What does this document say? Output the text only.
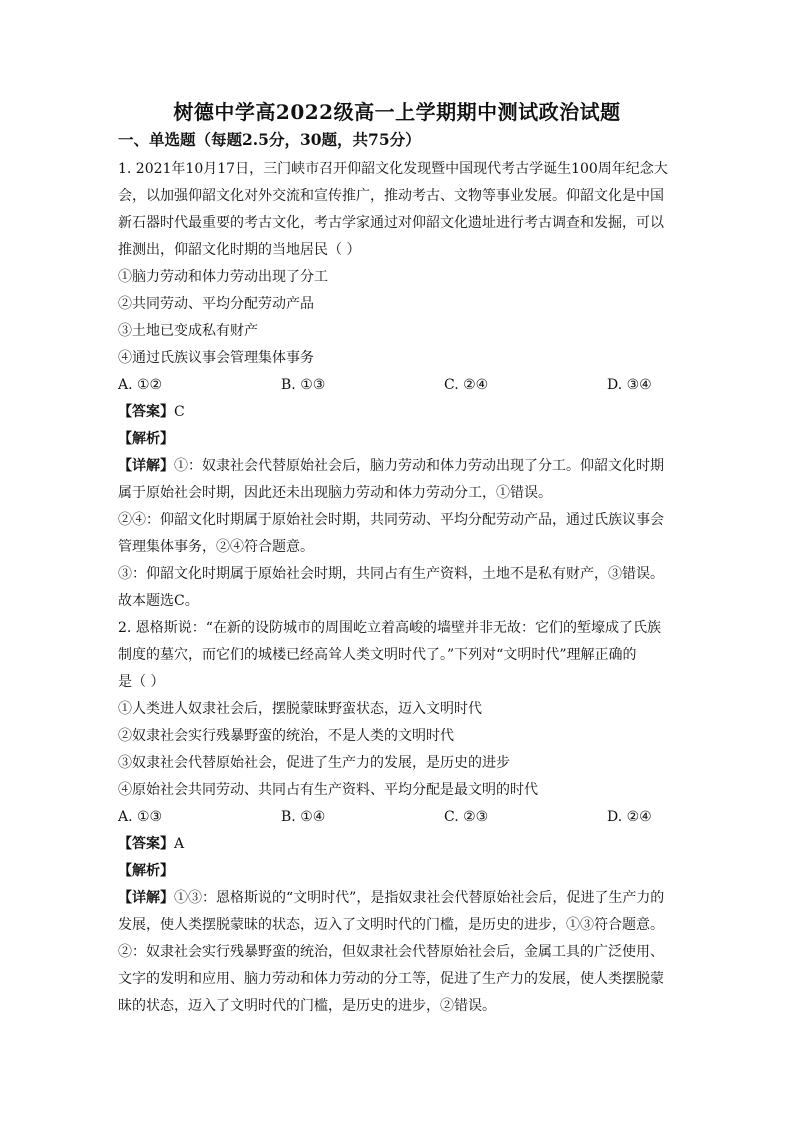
树德中学高2022级高一上学期期中测试政治试题
一、单选题（每题2.5分，30题，共75分）
1. 2021年10月17日，三门峡市召开仰韶文化发现暨中国现代考古学诞生100周年纪念大
会，以加强仰韶文化对外交流和宣传推广，推动考古、文物等事业发展。仰韶文化是中国
新石器时代最重要的考古文化，考古学家通过对仰韶文化遗址进行考古调查和发掘，可以
推测出，仰韶文化时期的当地居民（ ）
①脑力劳动和体力劳动出现了分工
②共同劳动、平均分配劳动产品
③土地已变成私有财产
④通过氏族议事会管理集体事务
A. ①②	B. ①③	C. ②④	D. ③④
【答案】C
【解析】
【详解】①：奴隶社会代替原始社会后，脑力劳动和体力劳动出现了分工。仰韶文化时期
属于原始社会时期，因此还未出现脑力劳动和体力劳动分工，①错误。
②④：仰韶文化时期属于原始社会时期，共同劳动、平均分配劳动产品，通过氏族议事会
管理集体事务，②④符合题意。
③：仰韶文化时期属于原始社会时期，共同占有生产资料，土地不是私有财产，③错误。
故本题选C。
2. 恩格斯说：“在新的设防城市的周围屹立着高峻的墙壁并非无故：它们的堑壕成了氏族
制度的墓穴，而它们的城楼已经高耸人类文明时代了。”下列对“文明时代”理解正确的
是（ ）
①人类进人奴隶社会后，摆脱蒙昧野蛮状态，迈入文明时代
②奴隶社会实行残暴野蛮的统治，不是人类的文明时代
③奴隶社会代替原始社会，促进了生产力的发展，是历史的进步
④原始社会共同劳动、共同占有生产资料、平均分配是最文明的时代
A. ①③	B. ①④	C. ②③	D. ②④
【答案】A
【解析】
【详解】①③：恩格斯说的“文明时代”，是指奴隶社会代替原始社会后，促进了生产力的
发展，使人类摆脱蒙昧的状态，迈入了文明时代的门槛，是历史的进步，①③符合题意。
②：奴隶社会实行残暴野蛮的统治，但奴隶社会代替原始社会后，金属工具的广泛使用、
文字的发明和应用、脑力劳动和体力劳动的分工等，促进了生产力的发展，使人类摆脱蒙
昧的状态，迈入了文明时代的门槛，是历史的进步，②错误。
